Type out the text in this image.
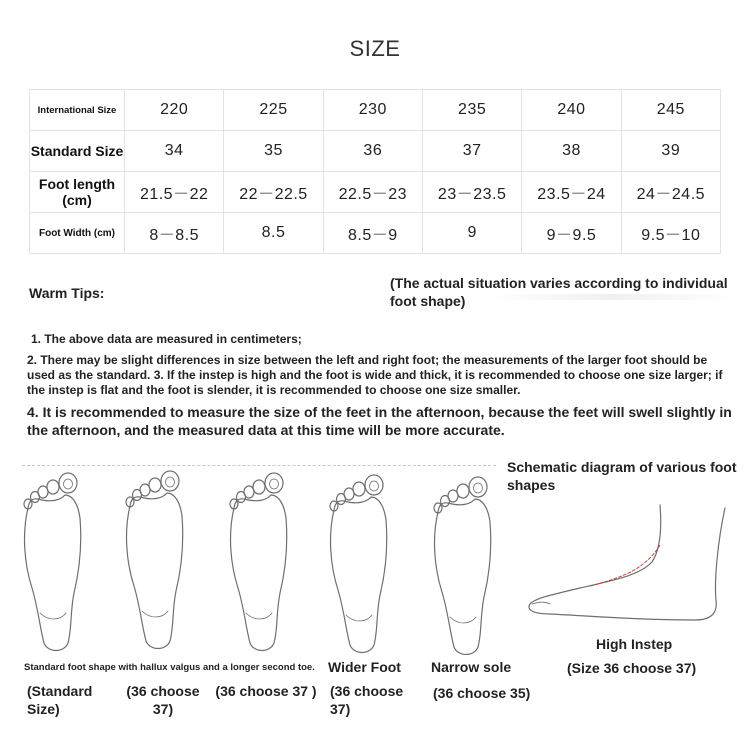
SIZE
International Size	220	225	230	235	240	245
Standard Size	34	35	36	37	38	39
Foot length (cm)	21.5－22	22－22.5	22.5－23	23－23.5	23.5－24	24－24.5
Foot Width (cm)	8－8.5	8.5	8.5－9	9	9－9.5	9.5－10
Warm Tips:
(The actual situation varies according to individual foot shape)
1. The above data are measured in centimeters;
2. There may be slight differences in size between the left and right foot; the measurements of the larger foot should be used as the standard. 3. If the instep is high and the foot is wide and thick, it is recommended to choose one size larger; if the instep is flat and the foot is slender, it is recommended to choose one size smaller.
4. It is recommended to measure the size of the feet in the afternoon, because the feet will swell slightly in the afternoon, and the measured data at this time will be more accurate.
Schematic diagram of various foot shapes
High Instep
(Size 36 choose 37)
Standard foot shape with hallux valgus and a longer second toe. Wider Foot Narrow sole
(Standard Size)
(36 choose 37)
(36 choose 37 ) (36 choose 37)
(36 choose 35)
